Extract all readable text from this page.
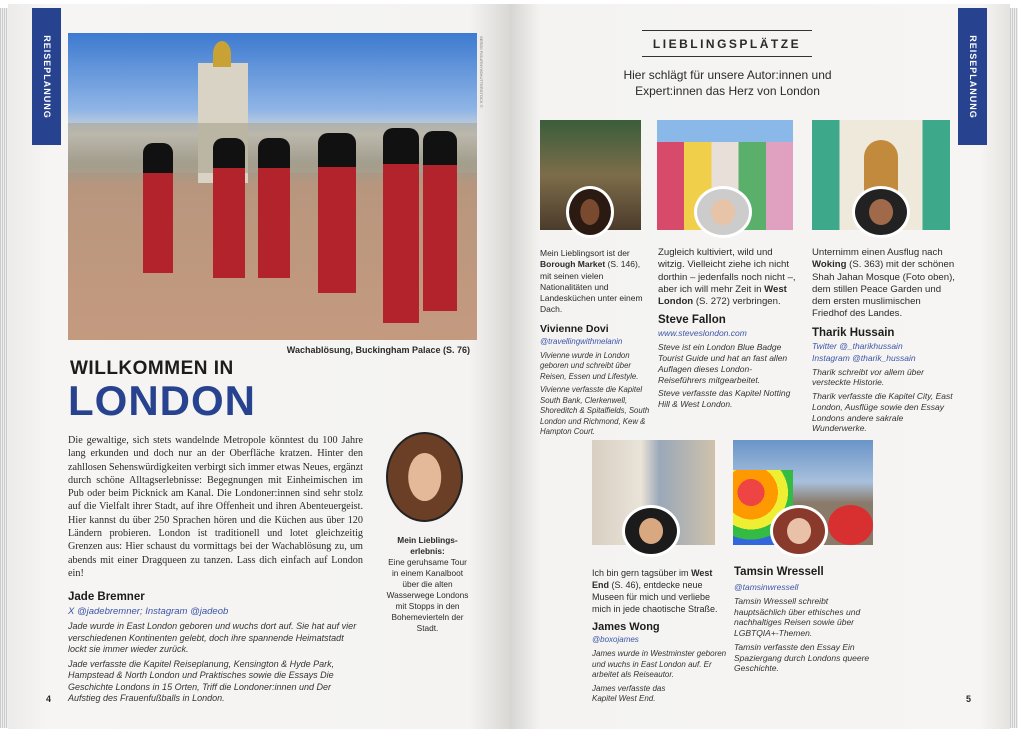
REISEPLANUNG	SERGII FIGURNYI/SHUTTERSTOCK ©
Wachablösung, Buckingham Palace (S. 76)
WILLKOMMEN IN
LONDON
Die gewaltige, sich stets wandelnde Metropole könntest du 100 Jahre lang erkunden und doch nur an der Oberfläche kratzen. Hinter den zahllosen Sehenswürdigkeiten verbirgt sich immer etwas Neues, ergänzt durch schöne Alltagserlebnisse: Begegnungen mit Einheimischen im Pub oder beim Picknick am Kanal. Die Londoner:innen sind sehr stolz auf die Vielfalt ihrer Stadt, auf ihre Offenheit und ihren Abenteuergeist. Hier kannst du über 250 Sprachen hören und die Küchen aus über 120 Ländern probieren. London ist traditionell und lotet gleichzeitig Grenzen aus: Hier schaust du vormittags bei der Wachablösung zu, um abends mit einer Dragqueen zu tanzen. Lass dich einfach auf London ein!
Jade Bremner
X @jadebremner; Instagram @jadeob
Jade wurde in East London geboren und wuchs dort auf. Sie hat auf vier verschiedenen Kontinenten gelebt, doch ihre spannende Heimatstadt lockt sie immer wieder zurück.
Jade verfasste die Kapitel Reiseplanung, Kensington & Hyde Park, Hampstead & North London und Praktisches sowie die Essays Die Geschichte Londons in 15 Orten, Triff die Londoner:innen und Der Aufstieg des Frauenfußballs in London.
Mein Lieblings-erlebnis:
Eine geruhsame Tour in einem Kanalboot über die alten Wasserwege Londons mit Stopps in den Bohemevierteln der Stadt.
4
REISEPLANUNG
LIEBLINGSPLÄTZE
Hier schlägt für unsere Autor:innen und Expert:innen das Herz von London
Mein Lieblingsort ist der Borough Market (S. 146), mit seinen vielen Nationalitäten und Landesküchen unter einem Dach.
Vivienne Dovi
@travellingwithmelanin
Vivienne wurde in London geboren und schreibt über Reisen, Essen und Lifestyle.
Vivienne verfasste die Kapitel South Bank, Clerkenwell, Shoreditch & Spitalfields, South London und Richmond, Kew & Hampton Court.
Zugleich kultiviert, wild und witzig. Vielleicht ziehe ich nicht dorthin – jedenfalls noch nicht –, aber ich will mehr Zeit in West London (S. 272) verbringen.
Steve Fallon
www.steveslondon.com
Steve ist ein London Blue Badge Tourist Guide und hat an fast allen Auflagen dieses London-Reiseführers mitgearbeitet.
Steve verfasste das Kapitel Notting Hill & West London.
Unternimm einen Ausflug nach Woking (S. 363) mit der schönen Shah Jahan Mosque (Foto oben), dem stillen Peace Garden und dem ersten muslimischen Friedhof des Landes.
Tharik Hussain
Twitter @_tharikhussain
Instagram @tharik_hussain
Tharik schreibt vor allem über versteckte Historie.
Tharik verfasste die Kapitel City, East London, Ausflüge sowie den Essay Londons andere sakrale Wunderwerke.
Ich bin gern tagsüber im West End (S. 46), entdecke neue Museen für mich und verliebe mich in jede chaotische Straße.
James Wong
@boxojames
James wurde in Westminster geboren und wuchs in East London auf. Er arbeitet als Reiseautor.
James verfasste das Kapitel West End.
Tamsin Wressell
@tamsinwressell
Tamsin Wressell schreibt hauptsächlich über ethisches und nachhaltiges Reisen sowie über LGBTQIA+-Themen.
Tamsin verfasste den Essay Ein Spaziergang durch Londons queere Geschichte.
5
